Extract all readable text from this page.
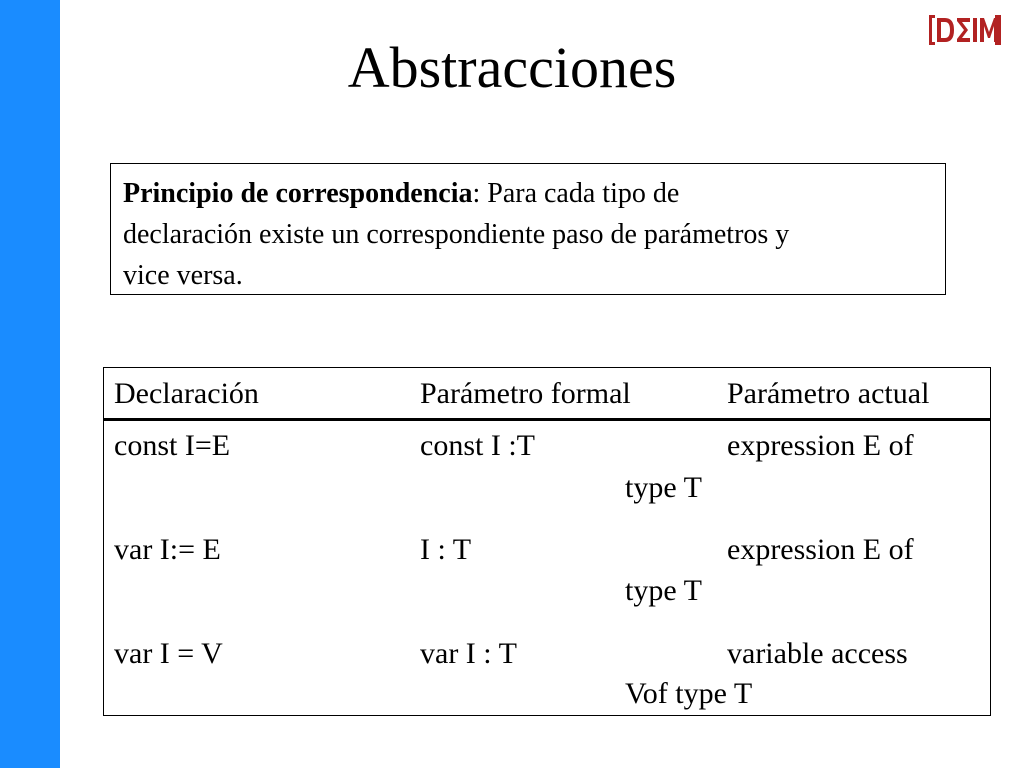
Abstracciones
Principio de correspondencia: Para cada tipo de
declaración existe un correspondiente paso de parámetros y
vice versa.
Declaración	Parámetro formal	Parámetro actual
const I=E	const I :T	expression E of
type T
var I:= E	I : T	expression E of
type T
var I = V	var I : T	variable access
Vof type T
